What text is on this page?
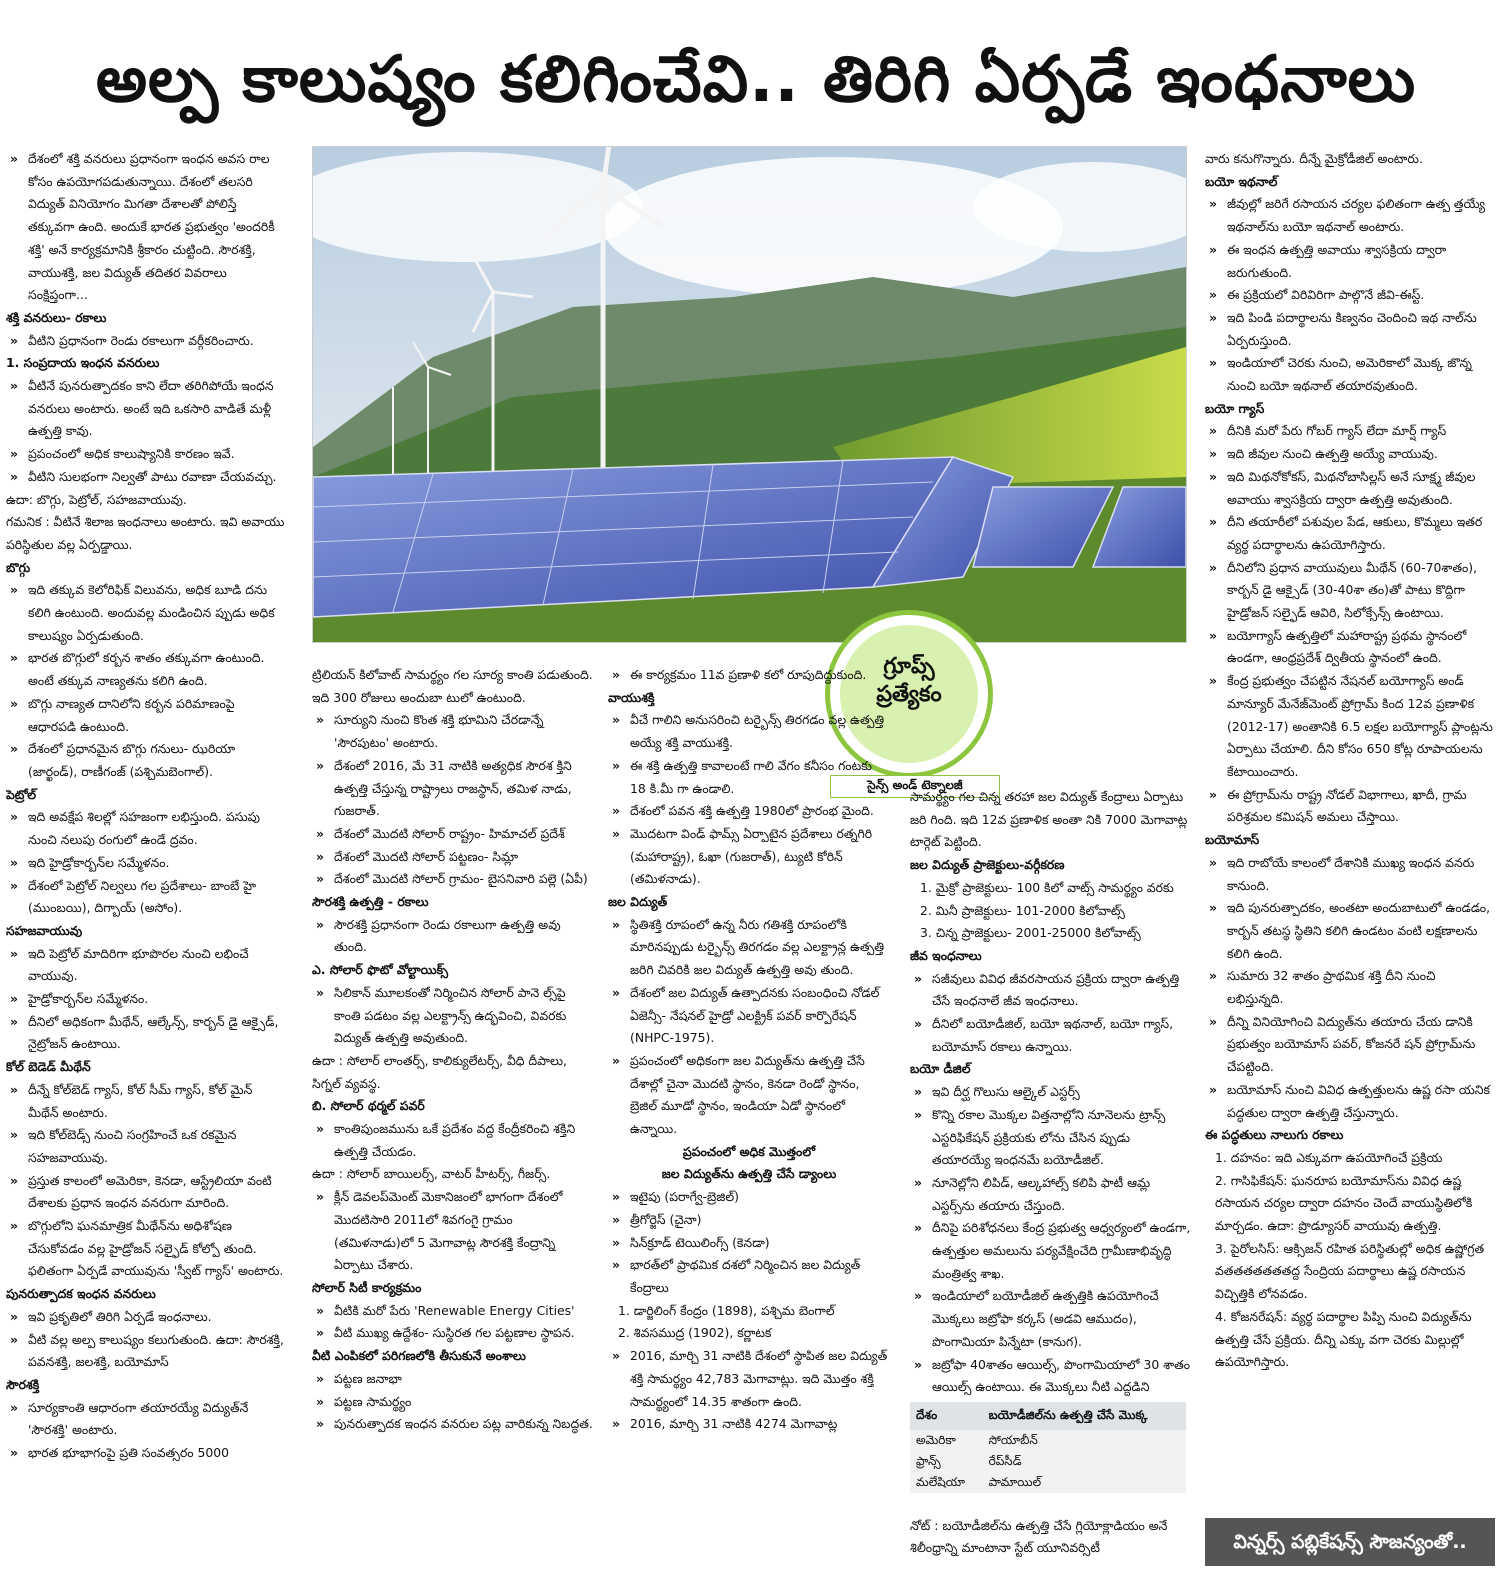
అల్ప కాలుష్యం కలిగించేవి.. తిరిగి ఏర్పడే ఇంధనాలు
» దేశంలో శక్తి వనరులు ప్రధానంగా ఇంధన అవస రాల కోసం ఉపయోగపడుతున్నాయి. దేశంలో తలసరి విద్యుత్ వినియోగం మిగతా దేశాలతో పోలిస్తే తక్కువగా ఉంది. అందుకే భారత ప్రభుత్వం 'అందరికీ శక్తి' అనే కార్యక్రమానికి శ్రీకారం చుట్టింది. సౌరశక్తి, వాయుశక్తి, జల విద్యుత్ తదితర వివరాలు సంక్షిప్తంగా...
శక్తి వనరులు- రకాలు
» వీటిని ప్రధానంగా రెండు రకాలుగా వర్గీకరించారు.
1. సంప్రదాయ ఇంధన వనరులు
» వీటినే పునరుత్పాదకం కాని లేదా తరిగిపోయే ఇంధన వనరులు అంటారు. అంటే ఇది ఒకసారి వాడితే మళ్లీ ఉత్పత్తి కావు.
» ప్రపంచంలో అధిక కాలుష్యానికి కారణం ఇవే.
» వీటిని సులభంగా నిల్వతో పాటు రవాణా చేయవచ్చు.
ఉదా: బొగ్గు, పెట్రోల్, సహజవాయువు.
గమనిక : వీటినే శిలాజ ఇంధనాలు అంటారు. ఇవి అవాయు పరిస్థితుల వల్ల ఏర్పడ్డాయి.
బొగ్గు
» ఇది తక్కువ కెలోరిఫిక్ విలువను, అధిక బూడి దను కలిగి ఉంటుంది. అందువల్ల మండించిన ప్పుడు అధిక కాలుష్యం ఏర్పడుతుంది.
» భారత బొగ్గులో కర్బన శాతం తక్కువగా ఉంటుంది. అంటే తక్కువ నాణ్యతను కలిగి ఉంది.
» బొగ్గు నాణ్యత దానిలోని కర్బన పరిమాణంపై ఆధారపడి ఉంటుంది.
» దేశంలో ప్రధానమైన బొగ్గు గనులు- ఝరియా (జార్ఖండ్), రాణీగంజ్ (పశ్చిమబెంగాల్).
పెట్రోల్
» ఇది అవక్షేప శిలల్లో సహజంగా లభిస్తుంది. పసుపు నుంచి నలుపు రంగులో ఉండే ద్రవం.
» ఇది హైడ్రోకార్బన్‌ల సమ్మేళనం.
» దేశంలో పెట్రోల్ నిల్వలు గల ప్రదేశాలు- బాంబే హై (ముంబయి), దిగ్బాయ్ (అసోం).
సహజవాయువు
» ఇది పెట్రోల్ మాదిరిగా భూపొరల నుంచి లభించే వాయువు.
» హైడ్రోకార్బన్‌ల సమ్మేళనం.
» దీనిలో అధికంగా మీథేన్, ఆల్కేన్స్, కార్బన్ డై ఆక్సైడ్, నైట్రోజన్ ఉంటాయి.
కోల్ బెడెడ్ మీథేన్
» దీన్నే కోల్‌బెడ్ గ్యాస్, కోల్ సీమ్ గ్యాస్, కోల్ మైన్ మీథేన్ అంటారు.
» ఇది కోల్‌బెడ్స్ నుంచి సంగ్రహించే ఒక రకమైన సహజవాయువు.
» ప్రస్తుత కాలంలో అమెరికా, కెనడా, ఆస్ట్రేలియా వంటి దేశాలకు ప్రధాన ఇంధన వనరుగా మారింది.
» బొగ్గులోని ఘనమాత్రిక మీథేన్‌ను అధిశోషణ చేసుకోవడం వల్ల హైడ్రోజన్ సల్ఫైడ్ కోల్పో తుంది. ఫలితంగా ఏర్పడే వాయువును 'స్వీట్ గ్యాస్' అంటారు.
పునరుత్పాదక ఇంధన వనరులు
» ఇవి ప్రకృతిలో తిరిగి ఏర్పడే ఇంధనాలు.
» వీటి వల్ల అల్ప కాలుష్యం కలుగుతుంది. ఉదా: సౌరశక్తి, పవనశక్తి, జలశక్తి, బయోమాస్
సౌరశక్తి
» సూర్యకాంతి ఆధారంగా తయారయ్యే విద్యుత్‌నే 'సౌరశక్తి' అంటారు.
» భారత భూభాగంపై ప్రతి సంవత్సరం 5000
గ్రూప్స్
ప్రత్యేకం
సైన్స్ అండ్ టెక్నాలజీ
ట్రిలియన్ కిలోవాట్ సామర్థ్యం గల సూర్య కాంతి పడుతుంది. ఇది 300 రోజులు అందుబా టులో ఉంటుంది.
» సూర్యుని నుంచి కొంత శక్తి భూమిని చేరడాన్నే 'సౌరపుటం' అంటారు.
» దేశంలో 2016, మే 31 నాటికి అత్యధిక సౌరశ క్తిని ఉత్పత్తి చేస్తున్న రాష్ట్రాలు రాజస్థాన్, తమిళ నాడు, గుజరాత్.
» దేశంలో మొదటి సోలార్ రాష్ట్రం- హిమాచల్ ప్రదేశ్
» దేశంలో మొదటి సోలార్ పట్టణం- సిమ్లా
» దేశంలో మొదటి సోలార్ గ్రామం- బైసనివారి పల్లె (ఏపీ)
సౌరశక్తి ఉత్పత్తి - రకాలు
» సౌరశక్తి ప్రధానంగా రెండు రకాలుగా ఉత్పత్తి అవు తుంది.
ఎ. సోలార్ ఫొటో వోల్టాయిక్స్
» సిలికాన్ మూలకంతో నిర్మించిన సోలార్ పానె ల్స్‌పై కాంతి పడటం వల్ల ఎలక్ట్రాన్స్ ఉద్భవించి, వివరకు విద్యుత్ ఉత్పత్తి అవుతుంది.
ఉదా : సోలార్ లాంతర్స్, కాలిక్యులేటర్స్, వీధి దీపాలు, సిగ్నల్ వ్యవస్థ.
బి. సోలార్ థర్మల్ పవర్
» కాంతిపుంజమును ఒకే ప్రదేశం వద్ద కేంద్రీకరించి శక్తిని ఉత్పత్తి చేయడం.
ఉదా : సోలార్ బాయిలర్స్, వాటర్ హీటర్స్, గీజర్స్.
» క్లీన్ డెవలప్‌మెంట్ మెకానిజంలో భాగంగా దేశంలో మొదటిసారి 2011లో శివగంగై గ్రామం (తమిళనాడు)లో 5 మెగావాట్ల సౌరశక్తి కేంద్రాన్ని ఏర్పాటు చేశారు.
సోలార్ సిటీ కార్యక్రమం
» వీటికి మరో పేరు 'Renewable Energy Cities'
» వీటి ముఖ్య ఉద్దేశం- సుస్థిరత గల పట్టణాల స్థాపన.
వీటి ఎంపికలో పరిగణలోకి తీసుకునే అంశాలు
» పట్టణ జనాభా
» పట్టణ సామర్థ్యం
» పునరుత్పాదక ఇంధన వనరుల పట్ల వారికున్న నిబద్ధత.
» ఈ కార్యక్రమం 11వ ప్రణాళి కలో రూపుదిద్దుకుంది.
వాయుశక్తి
» వీచే గాలిని అనుసరించి టర్బైన్స్ తిరగడం వల్ల ఉత్పత్తి అయ్యే శక్తి వాయుశక్తి.
» ఈ శక్తి ఉత్పత్తి కావాలంటే గాలి వేగం కనీసం గంటకు 18 కి.మీ గా ఉండాలి.
» దేశంలో పవన శక్తి ఉత్పత్తి 1980లో ప్రారంభ మైంది.
» మొదటగా విండ్ ఫామ్స్ ఏర్పాటైన ప్రదేశాలు రత్నగిరి (మహారాష్ట్ర), ఓఖా (గుజరాత్), ట్యుటి కోరిన్ (తమిళనాడు).
జల విద్యుత్
» స్థితిశక్తి రూపంలో ఉన్న నీరు గతిశక్తి రూపంలోకి మారినప్పుడు టర్బైన్స్ తిరగడం వల్ల ఎలక్ట్రాన్ల ఉత్పత్తి జరిగి చివరికి జల విద్యుత్ ఉత్పత్తి అవు తుంది.
» దేశంలో జల విద్యుత్ ఉత్పాదనకు సంబంధించి నోడల్ ఏజెన్సీ- నేషనల్ హైడ్రో ఎలక్ట్రిక్ పవర్ కార్పొరేషన్ (NHPC-1975).
» ప్రపంచంలో అధికంగా జల విద్యుత్‌ను ఉత్పత్తి చేసే దేశాల్లో చైనా మొదటి స్థానం, కెనడా రెండో స్థానం, బ్రెజిల్ మూడో స్థానం, ఇండియా ఏడో స్థానంలో ఉన్నాయి.
ప్రపంచంలో అధిక మొత్తంలో
జల విద్యుత్‌ను ఉత్పత్తి చేసే డ్యాంలు
» ఇటైపు (పరాగ్వే-బ్రెజిల్)
» త్రీగోర్జెస్ (చైనా)
» సిన్‌క్రూడ్ టెయిలింగ్స్ (కెనడా)
» భారత్‌లో ప్రాథమిక దశలో నిర్మించిన జల విద్యుత్ కేంద్రాలు
1. డార్జిలింగ్ కేంద్రం (1898), పశ్చిమ బెంగాల్
2. శివసముద్ర (1902), కర్ణాటక
» 2016, మార్చి 31 నాటికి దేశంలో స్థాపిత జల విద్యుత్ శక్తి సామర్థ్యం 42,783 మెగావాట్లు. ఇది మొత్తం శక్తి సామర్థ్యంలో 14.35 శాతంగా ఉంది.
» 2016, మార్చి 31 నాటికి 4274 మెగావాట్ల
సామర్థ్యం గల చిన్న తరహా జల విద్యుత్ కేంద్రాలు ఏర్పాటు జరి గింది. ఇది 12వ ప్రణాళిక అంతా నికి 7000 మెగావాట్ల టార్గెట్ పెట్టింది.
జల విద్యుత్ ప్రాజెక్టులు-వర్గీకరణ
1. మైక్రో ప్రాజెక్టులు- 100 కిలో వాట్స్ సామర్థ్యం వరకు
2. మినీ ప్రాజెక్టులు- 101-2000 కిలోవాట్స్
3. చిన్న ప్రాజెక్టులు- 2001-25000 కిలోవాట్స్
జీవ ఇంధనాలు
» సజీవులు వివిధ జీవరసాయన ప్రక్రియ ద్వారా ఉత్పత్తి చేసే ఇంధనాలే జీవ ఇంధనాలు.
» దీనిలో బయోడీజిల్, బయో ఇథనాల్, బయో గ్యాస్, బయోమాస్ రకాలు ఉన్నాయి.
బయో డీజిల్
» ఇవి దీర్ఘ గొలుసు ఆల్కైల్ ఎస్టర్స్
» కొన్ని రకాల మొక్కల విత్తనాల్లోని నూనెలను ట్రాన్స్ ఎస్టరిఫికేషన్ ప్రక్రియకు లోను చేసిన ప్పుడు తయారయ్యే ఇంధనమే బయోడీజిల్.
» నూనెల్లోని లిపిడ్, ఆల్కహాల్స్ కలిపి ఫాటీ ఆమ్ల ఎస్టర్స్‌ను తయారు చేస్తుంది.
» దీనిపై పరిశోధనలు కేంద్ర ప్రభుత్వ ఆధ్వర్యంలో ఉండగా, ఉత్పత్తుల అమలును పర్యవేక్షించేది గ్రామీణాభివృద్ధి మంత్రిత్వ శాఖ.
» ఇండియాలో బయోడీజిల్ ఉత్పత్తికి ఉపయోగించే మొక్కలు జట్రోఫా కర్కస్ (అడవి ఆముదం), పొంగామియా పిన్నేటా (కానుగ).
» జట్రోఫా 40శాతం ఆయిల్స్, పొంగామియాలో 30 శాతం ఆయిల్స్ ఉంటాయి. ఈ మొక్కలు నీటి ఎద్దడిని
దేశం	బయోడీజిల్‌ను ఉత్పత్తి చేసే మొక్క
అమెరికా	సోయాబీన్
ఫ్రాన్స్	రేప్‌సీడ్
మలేషియా	పామాయిల్
నోట్ : బయోడీజిల్‌ను ఉత్పత్తి చేసే గ్లియోక్లాడియం అనే శిలీంధ్రాన్ని మాంటానా స్టేట్ యూనివర్సిటీ
వారు కనుగొన్నారు. దీన్నే మైక్రోడీజిల్ అంటారు.
బయో ఇథనాల్
» జీవుల్లో జరిగే రసాయన చర్యల ఫలితంగా ఉత్ప త్తయ్యే ఇథనాల్‌ను బయో ఇథనాల్ అంటారు.
» ఈ ఇంధన ఉత్పత్తి అవాయు శ్వాసక్రియ ద్వారా జరుగుతుంది.
» ఈ ప్రక్రియలో విరివిరిగా పాల్గొనే జీవి-ఈస్ట్.
» ఇది పిండి పదార్థాలను కిణ్వనం చెందించి ఇథ నాల్‌ను ఏర్పరుస్తుంది.
» ఇండియాలో చెరకు నుంచి, అమెరికాలో మొక్క జొన్న నుంచి బయో ఇథనాల్ తయారవుతుంది.
బయో గ్యాస్
» దీనికి మరో పేరు గోబర్ గ్యాస్ లేదా మార్ష్ గ్యాస్
» ఇది జీవుల నుంచి ఉత్పత్తి అయ్యే వాయువు.
» ఇది మిథనోకోకస్, మిథనోబాసిల్లస్ అనే సూక్ష్మ జీవుల అవాయు శ్వాసక్రియ ద్వారా ఉత్పత్తి అవుతుంది.
» దీని తయారీలో పశువుల పేడ, ఆకులు, కొమ్మలు ఇతర వ్యర్థ పదార్థాలను ఉపయోగిస్తారు.
» దీనిలోని ప్రధాన వాయువులు మీథేన్ (60-70శాతం), కార్బన్ డై ఆక్సైడ్ (30-40శా తం)తో పాటు కొద్దిగా హైడ్రోజన్ సల్ఫైడ్ ఆవిరి, సిలోక్సేన్స్ ఉంటాయి.
» బయోగ్యాస్ ఉత్పత్తిలో మహారాష్ట్ర ప్రథమ స్థానంలో ఉండగా, ఆంధ్రప్రదేశ్ ద్వితీయ స్థానంలో ఉంది.
» కేంద్ర ప్రభుత్వం చేపట్టిన నేషనల్ బయోగ్యాస్ అండ్ మాన్యూర్ మేనేజ్‌మెంట్ ప్రోగ్రామ్ కింద 12వ ప్రణాళిక (2012-17) అంతానికి 6.5 లక్షల బయోగ్యాస్ ప్లాంట్లను ఏర్పాటు చేయాలి. దీని కోసం 650 కోట్ల రూపాయలను కేటాయించారు.
» ఈ ప్రోగ్రామ్‌ను రాష్ట్ర నోడల్ విభాగాలు, ఖాదీ, గ్రామ పరిశ్రమల కమిషన్ అమలు చేస్తాయి.
బయోమాస్
» ఇది రాబోయే కాలంలో దేశానికి ముఖ్య ఇంధన వనరు కానుంది.
» ఇది పునరుత్పాదకం, అంతటా అందుబాటులో ఉండడం, కార్బన్ తటస్థ స్థితిని కలిగి ఉండటం వంటి లక్షణాలను కలిగి ఉంది.
» సుమారు 32 శాతం ప్రాథమిక శక్తి దీని నుంచి లభిస్తున్నది.
» దీన్ని వినియోగించి విద్యుత్‌ను తయారు చేయ డానికి ప్రభుత్వం బయోమాస్ పవర్, కోజనరే షన్ ప్రోగ్రామ్‌ను చేపట్టింది.
» బయోమాస్ నుంచి వివిధ ఉత్పత్తులను ఉష్ణ రసా యనిక పద్ధతుల ద్వారా ఉత్పత్తి చేస్తున్నారు.
ఈ పద్ధతులు నాలుగు రకాలు
1. దహనం: ఇది ఎక్కువగా ఉపయోగించే ప్రక్రియ
2. గాసిఫికేషన్: ఘనరూప బయోమాస్‌ను వివిధ ఉష్ణ రసాయన చర్యల ద్వారా దహనం చెందే వాయుస్థితిలోకి మార్చడం. ఉదా: ప్రొడ్యూసర్ వాయువు ఉత్పత్తి.
3. పైరోలసిస్: ఆక్సిజన్ రహిత పరిస్థితుల్లో అధిక ఉష్ణోగ్రత వతతతతతతతద్ద సేంద్రియ పదార్థాలు ఉష్ణ రసాయన విచ్ఛిత్తికి లోనవడం.
4. కోజనరేషన్: వ్యర్థ పదార్థాల పిప్పి నుంచి విద్యుత్‌ను ఉత్పత్తి చేసే ప్రక్రియ. దీన్ని ఎక్కు వగా చెరకు మిల్లుల్లో ఉపయోగిస్తారు.
విన్నర్స్ పబ్లికేషన్స్ సౌజన్యంతో..
